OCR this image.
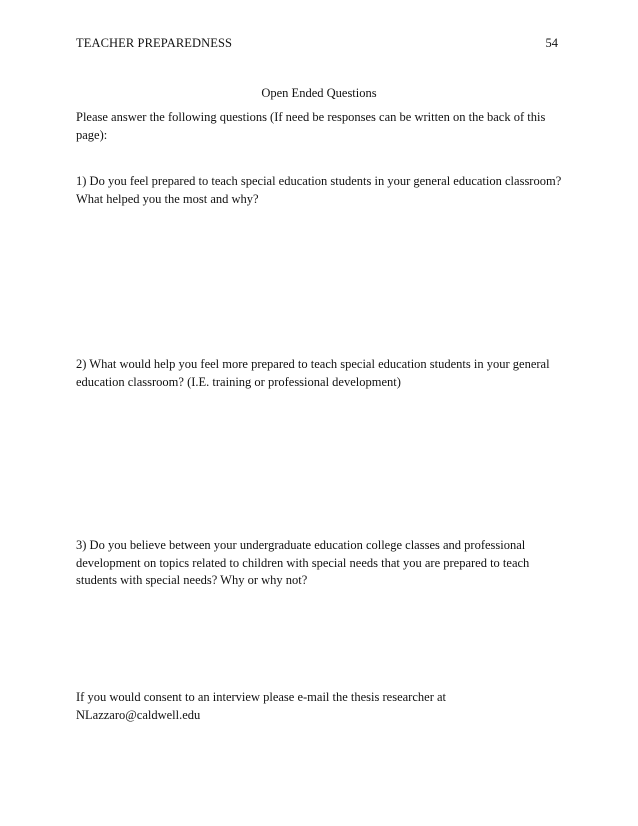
TEACHER PREPAREDNESS	54
Open Ended Questions
Please answer the following questions (If need be responses can be written on the back of this page):
1) Do you feel prepared to teach special education students in your general education classroom? What helped you the most and why?
2) What would help you feel more prepared to teach special education students in your general education classroom? (I.E. training or professional development)
3) Do you believe between your undergraduate education college classes and professional development on topics related to children with special needs that you are prepared to teach students with special needs? Why or why not?
If you would consent to an interview please e-mail the thesis researcher at
NLazzaro@caldwell.edu
